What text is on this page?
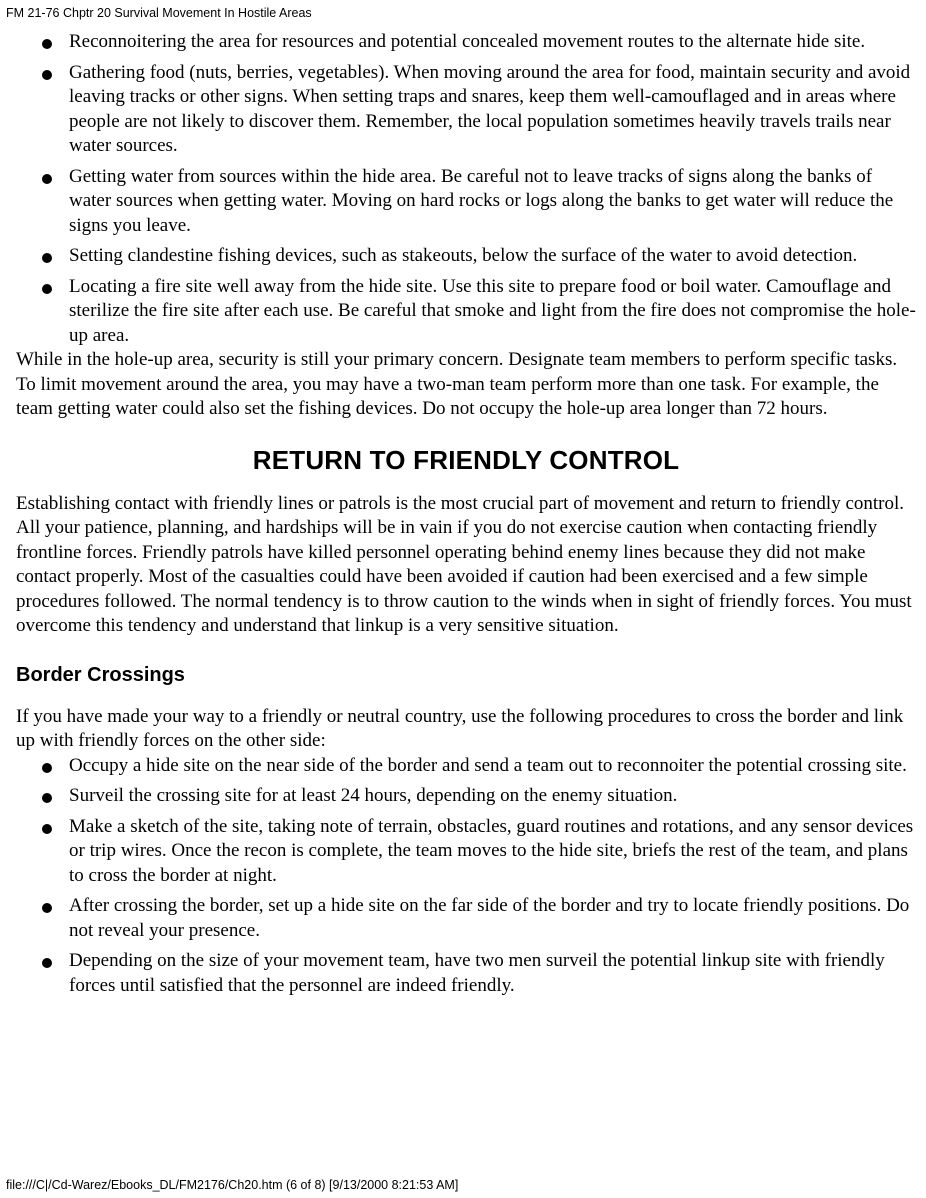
FM 21-76 Chptr 20 Survival Movement In Hostile Areas
Reconnoitering the area for resources and potential concealed movement routes to the alternate hide site.
Gathering food (nuts, berries, vegetables). When moving around the area for food, maintain security and avoid leaving tracks or other signs. When setting traps and snares, keep them well-camouflaged and in areas where people are not likely to discover them. Remember, the local population sometimes heavily travels trails near water sources.
Getting water from sources within the hide area. Be careful not to leave tracks of signs along the banks of water sources when getting water. Moving on hard rocks or logs along the banks to get water will reduce the signs you leave.
Setting clandestine fishing devices, such as stakeouts, below the surface of the water to avoid detection.
Locating a fire site well away from the hide site. Use this site to prepare food or boil water. Camouflage and sterilize the fire site after each use. Be careful that smoke and light from the fire does not compromise the hole-up area.

While in the hole-up area, security is still your primary concern. Designate team members to perform specific tasks. To limit movement around the area, you may have a two-man team perform more than one task. For example, the team getting water could also set the fishing devices. Do not occupy the hole-up area longer than 72 hours.

RETURN TO FRIENDLY CONTROL

Establishing contact with friendly lines or patrols is the most crucial part of movement and return to friendly control. All your patience, planning, and hardships will be in vain if you do not exercise caution when contacting friendly frontline forces. Friendly patrols have killed personnel operating behind enemy lines because they did not make contact properly. Most of the casualties could have been avoided if caution had been exercised and a few simple procedures followed. The normal tendency is to throw caution to the winds when in sight of friendly forces. You must overcome this tendency and understand that linkup is a very sensitive situation.

Border Crossings

If you have made your way to a friendly or neutral country, use the following procedures to cross the border and link up with friendly forces on the other side:

Occupy a hide site on the near side of the border and send a team out to reconnoiter the potential crossing site.
Surveil the crossing site for at least 24 hours, depending on the enemy situation.
Make a sketch of the site, taking note of terrain, obstacles, guard routines and rotations, and any sensor devices or trip wires. Once the recon is complete, the team moves to the hide site, briefs the rest of the team, and plans to cross the border at night.
After crossing the border, set up a hide site on the far side of the border and try to locate friendly positions. Do not reveal your presence.
Depending on the size of your movement team, have two men surveil the potential linkup site with friendly forces until satisfied that the personnel are indeed friendly.
file:///C|/Cd-Warez/Ebooks_DL/FM2176/Ch20.htm (6 of 8) [9/13/2000 8:21:53 AM]
